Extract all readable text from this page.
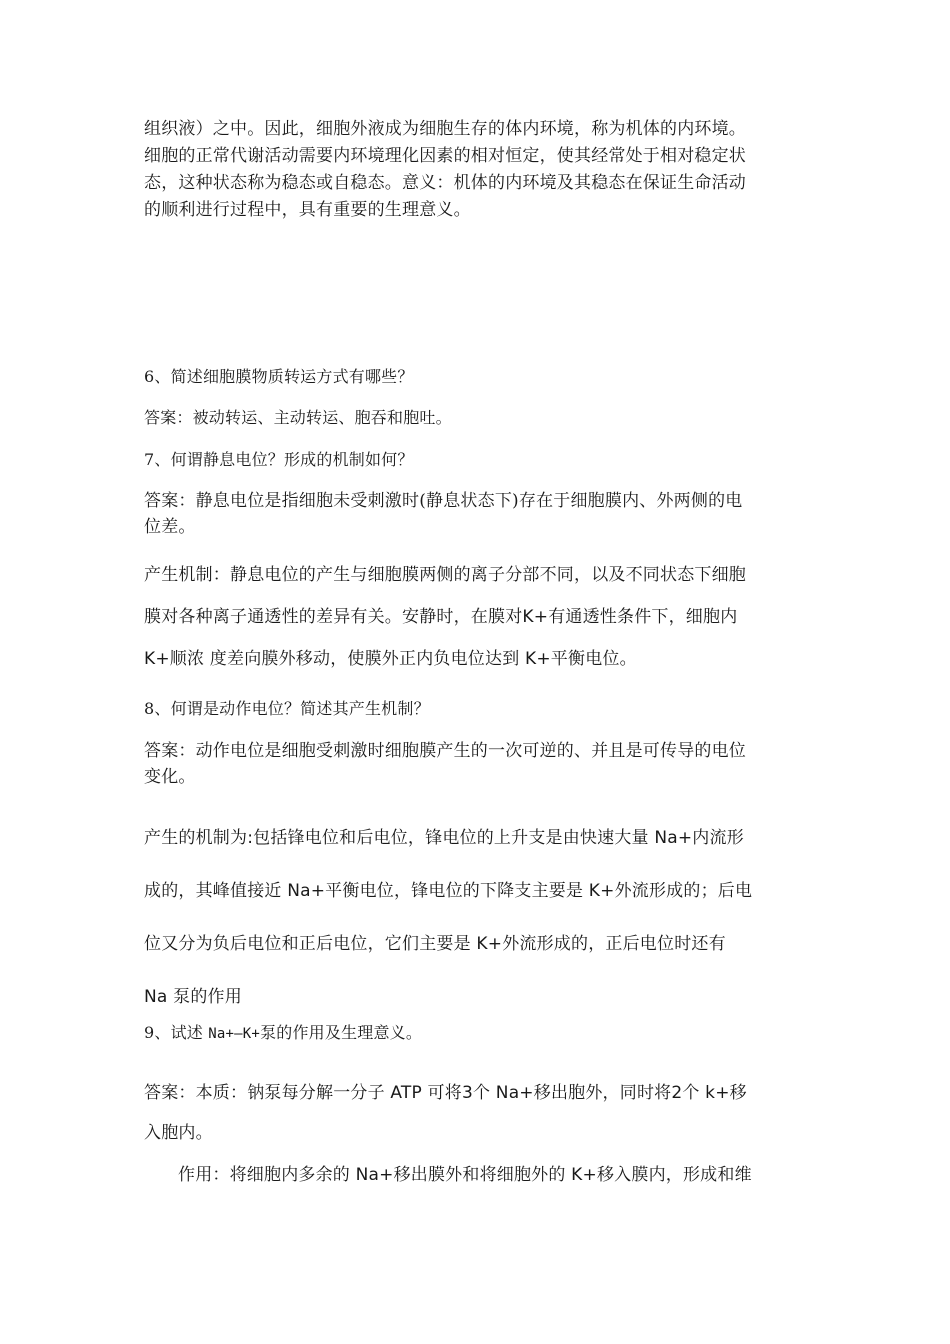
组织液）之中。因此，细胞外液成为细胞生存的体内环境，称为机体的内环境。
细胞的正常代谢活动需要内环境理化因素的相对恒定，使其经常处于相对稳定状
态，这种状态称为稳态或自稳态。意义：机体的内环境及其稳态在保证生命活动
的顺利进行过程中，具有重要的生理意义。
6、简述细胞膜物质转运方式有哪些？
答案：被动转运、主动转运、胞吞和胞吐。
7、何谓静息电位？形成的机制如何？
答案：静息电位是指细胞未受刺激时(静息状态下)存在于细胞膜内、外两侧的电
位差。
产生机制：静息电位的产生与细胞膜两侧的离子分部不同，以及不同状态下细胞
膜对各种离子通透性的差异有关。安静时，在膜对K+有通透性条件下，细胞内
K+顺浓 度差向膜外移动，使膜外正内负电位达到 K+平衡电位。
8、何谓是动作电位？简述其产生机制？
答案：动作电位是细胞受刺激时细胞膜产生的一次可逆的、并且是可传导的电位
变化。
产生的机制为:包括锋电位和后电位，锋电位的上升支是由快速大量 Na+内流形
成的，其峰值接近 Na+平衡电位，锋电位的下降支主要是 K+外流形成的；后电
位又分为负后电位和正后电位，它们主要是 K+外流形成的，正后电位时还有
Na 泵的作用
9、试述 Na+—K+泵的作用及生理意义。
答案：本质：钠泵每分解一分子 ATP 可将3个 Na+移出胞外，同时将2个 k+移
入胞内。
作用：将细胞内多余的 Na+移出膜外和将细胞外的 K+移入膜内，形成和维
